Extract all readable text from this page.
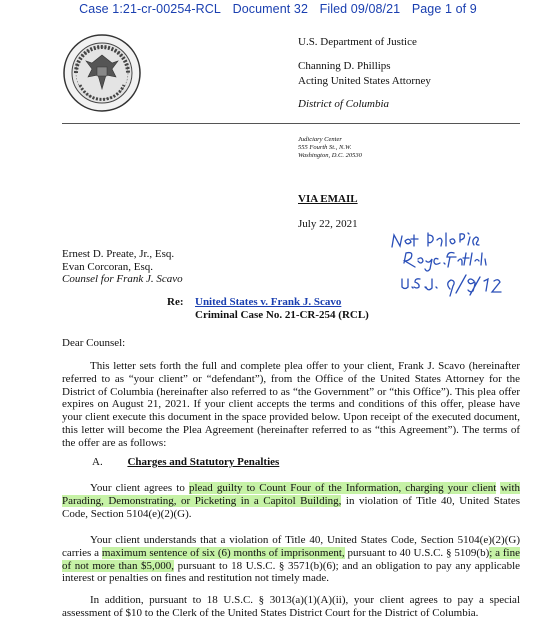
Case 1:21-cr-00254-RCL Document 32 Filed 09/08/21 Page 1 of 9
U.S. Department of Justice
Channing D. Phillips
Acting United States Attorney
District of Columbia
Judiciary Center
555 Fourth St., N.W.
Washington, D.C. 20530
VIA EMAIL
July 22, 2021
Ernest D. Preate, Jr., Esq.
Evan Corcoran, Esq.
Counsel for Frank J. Scavo
Re: United States v. Frank J. Scavo
Criminal Case No. 21-CR-254 (RCL)
Dear Counsel:
This letter sets forth the full and complete plea offer to your client, Frank J. Scavo (hereinafter referred to as “your client” or “defendant”), from the Office of the United States Attorney for the District of Columbia (hereinafter also referred to as “the Government” or “this Office”). This plea offer expires on August 21, 2021. If your client accepts the terms and conditions of this offer, please have your client execute this document in the space provided below. Upon receipt of the executed document, this letter will become the Plea Agreement (hereinafter referred to as “this Agreement”). The terms of the offer are as follows:
A. Charges and Statutory Penalties
Your client agrees to plead guilty to Count Four of the Information, charging your client with Parading, Demonstrating, or Picketing in a Capitol Building, in violation of Title 40, United States Code, Section 5104(e)(2)(G).
Your client understands that a violation of Title 40, United States Code, Section 5104(e)(2)(G) carries a maximum sentence of six (6) months of imprisonment, pursuant to 40 U.S.C. § 5109(b); a fine of not more than $5,000, pursuant to 18 U.S.C. § 3571(b)(6); and an obligation to pay any applicable interest or penalties on fines and restitution not timely made.
In addition, pursuant to 18 U.S.C. § 3013(a)(1)(A)(ii), your client agrees to pay a special assessment of $10 to the Clerk of the United States District Court for the District of Columbia.
